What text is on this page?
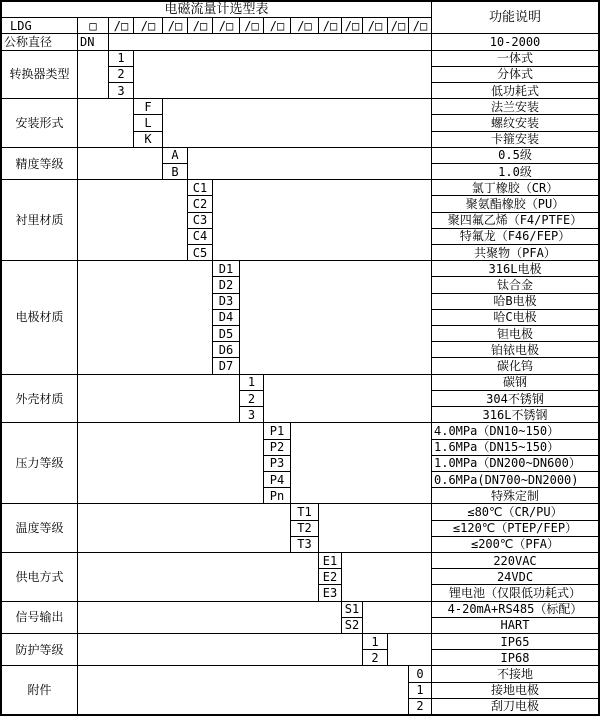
电磁流量计选型表
功能说明
LDG	□
公称直径	DN	10-2000
/□	/□	/□ /□ /□ /□ /□	/□ /□ /□ /□ /□ /□
转换器类型
1	一体式
2	分体式
3	低功耗式
安装形式
F	法兰安装
L	螺纹安装
K	卡箍安装
精度等级
A	0.5级
B	1.0级
衬里材质
C1	氯丁橡胶（CR）
C2	聚氨酯橡胶（PU）
C3	聚四氟乙烯（F4/PTFE）
C4	特氟龙（F46/FEP）
C5	共聚物（PFA）
电极材质
D1	316L电极
D2	钛合金
D3	哈B电极
D4	哈C电极
D5	钽电极
D6	铂铱电极
D7	碳化钨
外壳材质
1	碳钢
2	304不锈钢
3	316L不锈钢
压力等级
P1	4.0MPa（DN10~150）
P2	1.6MPa（DN15~150）
P3	1.0MPa（DN200~DN600）
P4	0.6MPa(DN700~DN2000)
Pn	特殊定制
温度等级
T1	≤80℃（CR/PU）
T2	≤120℃（PTEP/FEP）
T3	≤200℃（PFA）
供电方式
E1	220VAC
E2	24VDC
E3	锂电池（仅限低功耗式）
信号输出
S1	4-20mA+RS485（标配）
S2	HART
防护等级
1	IP65
2	IP68
附件
0	不接地
1	接地电极
2	刮刀电极
